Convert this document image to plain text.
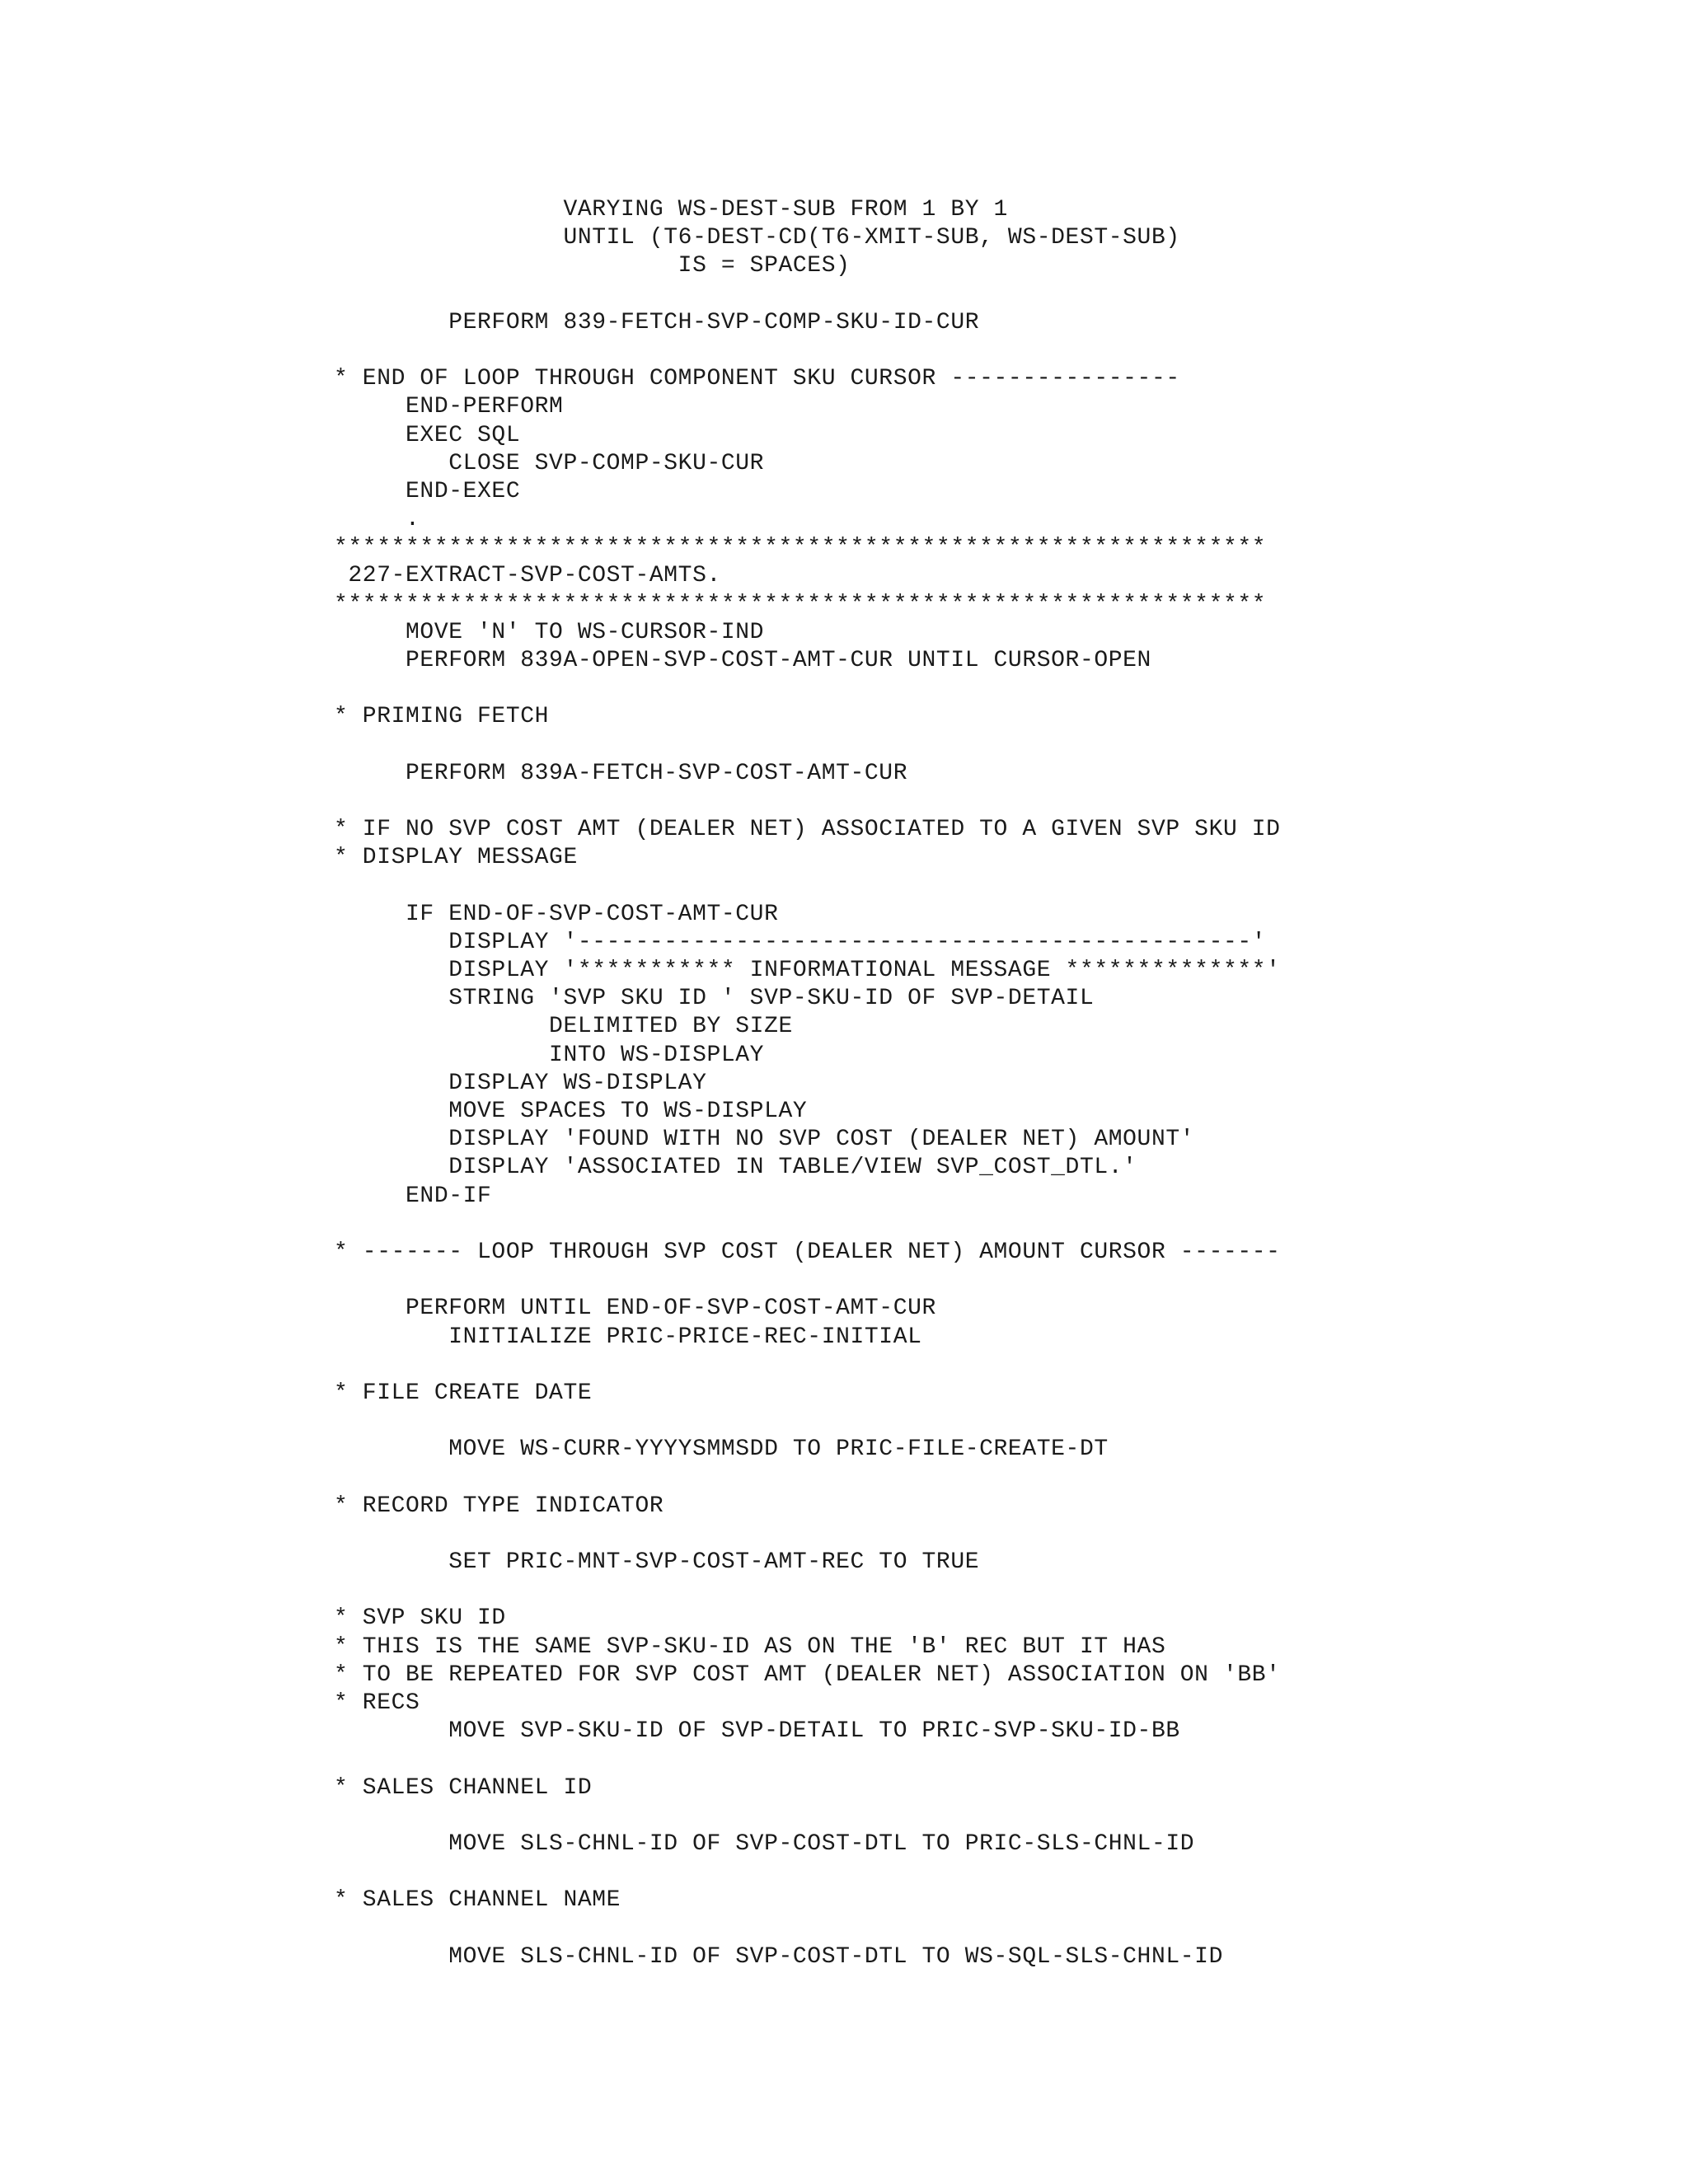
VARYING WS-DEST-SUB FROM 1 BY 1
UNTIL (T6-DEST-CD(T6-XMIT-SUB, WS-DEST-SUB)
IS = SPACES)
PERFORM 839-FETCH-SVP-COMP-SKU-ID-CUR
* END OF LOOP THROUGH COMPONENT SKU CURSOR ----------------
END-PERFORM
EXEC SQL
CLOSE SVP-COMP-SKU-CUR
END-EXEC
.
*****************************************************************
227-EXTRACT-SVP-COST-AMTS.
*****************************************************************
MOVE 'N' TO WS-CURSOR-IND
PERFORM 839A-OPEN-SVP-COST-AMT-CUR UNTIL CURSOR-OPEN
* PRIMING FETCH
PERFORM 839A-FETCH-SVP-COST-AMT-CUR
* IF NO SVP COST AMT (DEALER NET) ASSOCIATED TO A GIVEN SVP SKU ID
* DISPLAY MESSAGE
IF END-OF-SVP-COST-AMT-CUR
DISPLAY '-----------------------------------------------'
DISPLAY '*********** INFORMATIONAL MESSAGE **************'
STRING 'SVP SKU ID ' SVP-SKU-ID OF SVP-DETAIL
DELIMITED BY SIZE
INTO WS-DISPLAY
DISPLAY WS-DISPLAY
MOVE SPACES TO WS-DISPLAY
DISPLAY 'FOUND WITH NO SVP COST (DEALER NET) AMOUNT'
DISPLAY 'ASSOCIATED IN TABLE/VIEW SVP_COST_DTL.'
END-IF
* ------- LOOP THROUGH SVP COST (DEALER NET) AMOUNT CURSOR -------
PERFORM UNTIL END-OF-SVP-COST-AMT-CUR
INITIALIZE PRIC-PRICE-REC-INITIAL
* FILE CREATE DATE
MOVE WS-CURR-YYYYSMMSDD TO PRIC-FILE-CREATE-DT
* RECORD TYPE INDICATOR
SET PRIC-MNT-SVP-COST-AMT-REC TO TRUE
* SVP SKU ID
* THIS IS THE SAME SVP-SKU-ID AS ON THE 'B' REC BUT IT HAS
* TO BE REPEATED FOR SVP COST AMT (DEALER NET) ASSOCIATION ON 'BB'
* RECS
MOVE SVP-SKU-ID OF SVP-DETAIL TO PRIC-SVP-SKU-ID-BB
* SALES CHANNEL ID
MOVE SLS-CHNL-ID OF SVP-COST-DTL TO PRIC-SLS-CHNL-ID
* SALES CHANNEL NAME
MOVE SLS-CHNL-ID OF SVP-COST-DTL TO WS-SQL-SLS-CHNL-ID
